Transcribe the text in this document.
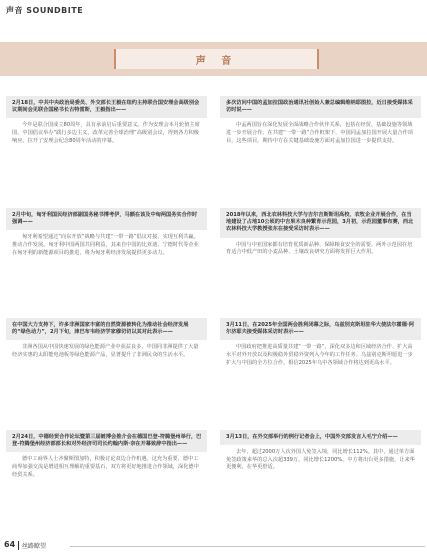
声音 SOUNDBITE
声 音
2月18日，中共中央政治局委员、外交部长王毅在纽约主持联合国安理会高级别会议期间会见联合国秘书长古特雷斯，王毅指出——
今年是联合国成立80周年，具有承前启后重要意义。作为安理会本月轮值主席国，中国倡议举办“践行多边主义，改革完善全球治理”高级别会议，得到各方积极响应。拉开了安理会纪念80周年活动的序幕。
2月中旬，匈牙利国民经济部副国务秘书博考伊，马额在该及中匈两国务实合作时强调——
匈牙利希望通过“向东开放”战略与共建“一带一路”倡议对接，实现互利共赢。推动合作发展。匈牙利中国两国共同利益，其来自中国的比亚迪、宁德时代等企业在匈牙利的新能源项目的推进，将为匈牙利经济发展提供更多动力。
在中国大力支持下，许多非洲国家丰富的自然资源被转化为推动社会经济发展的“绿色动力”，2月下旬，津巴布韦经济学家穆切切以其对此表示——
非洲各国从中国快速发展的绿色能源产业中获益良多，中国同非洲提供了大量经济实惠的太阳能电池板等绿色能源产品，显著提升了非洲民众的生活水平。
2月24日，中德经贸合作论坛暨第三届链博会推介会在德国巴登-符腾堡州举行，巴登-符腾堡州经济部部长和对外经济司司长约翰内斯·奈在开幕致辞中指出——
德中工商界人士齐聚斯图加特，积极讨论双边合作机遇。这充为重要，德中工商界加强交流是增进相互理解的重要基石，双方将更好地推进合作领域，深化德中经贸关系。
多次访问中国的孟加拉国政治通讯社创始人兼总编辑维纳耶图拉，近日接受媒体采访时说——
中孟两国旨在深化发展全面战略合作伙伴关系，包括在经贸、基础设施等领域进一步开展合作。在共建“一带一路”合作框架下，中国同孟加拉国开展大量合作项目，这些项目，期待中方在关键基础设施方面对孟加拉国进一步提供支持。
2018年以来，西北农林科技大学与吉尔吉斯斯坦高校、农牧企业开展合作，在当地建设了占地10公顷的中吉果木良种繁育示范园，3月初，示范园董事布赛，西北农林科技大学教授张东在接受采访时表示——
中国与中亚国家都有培育优质新品种、保障粮食安全的需要。两外示范园在培育适合中低产田的小麦品种、土壤改良研究方面将发挥巨大作用。
3月11日，在2025年全国两会胜利闭幕之际，乌兹别克斯坦驻华大使法尔霍德·阿尔济耶夫接受媒体采访时表示——
中国政府把推进高质量共建“一带一路”，深化双多边和区域经济合作、扩大高水平对外开放以及积极稳外贸稳外资列入今年的工作任务。乌兹别克斯坦愿进一步扩大与中国的全方位合作，相信2025年乌中各领域合作将达到更高水平。
3月13日，在外交部举行的例行记者会上，中国外交部发言人毛宁介绍——
去年，超过2000万人次外国人免签入境，同比增长112%。其中，通过单方面免签政策来华的总入次超339万，同比增长1200%。中方将出台更多措施，让来华更便利，在华更舒适。
64 丝路瞭望
